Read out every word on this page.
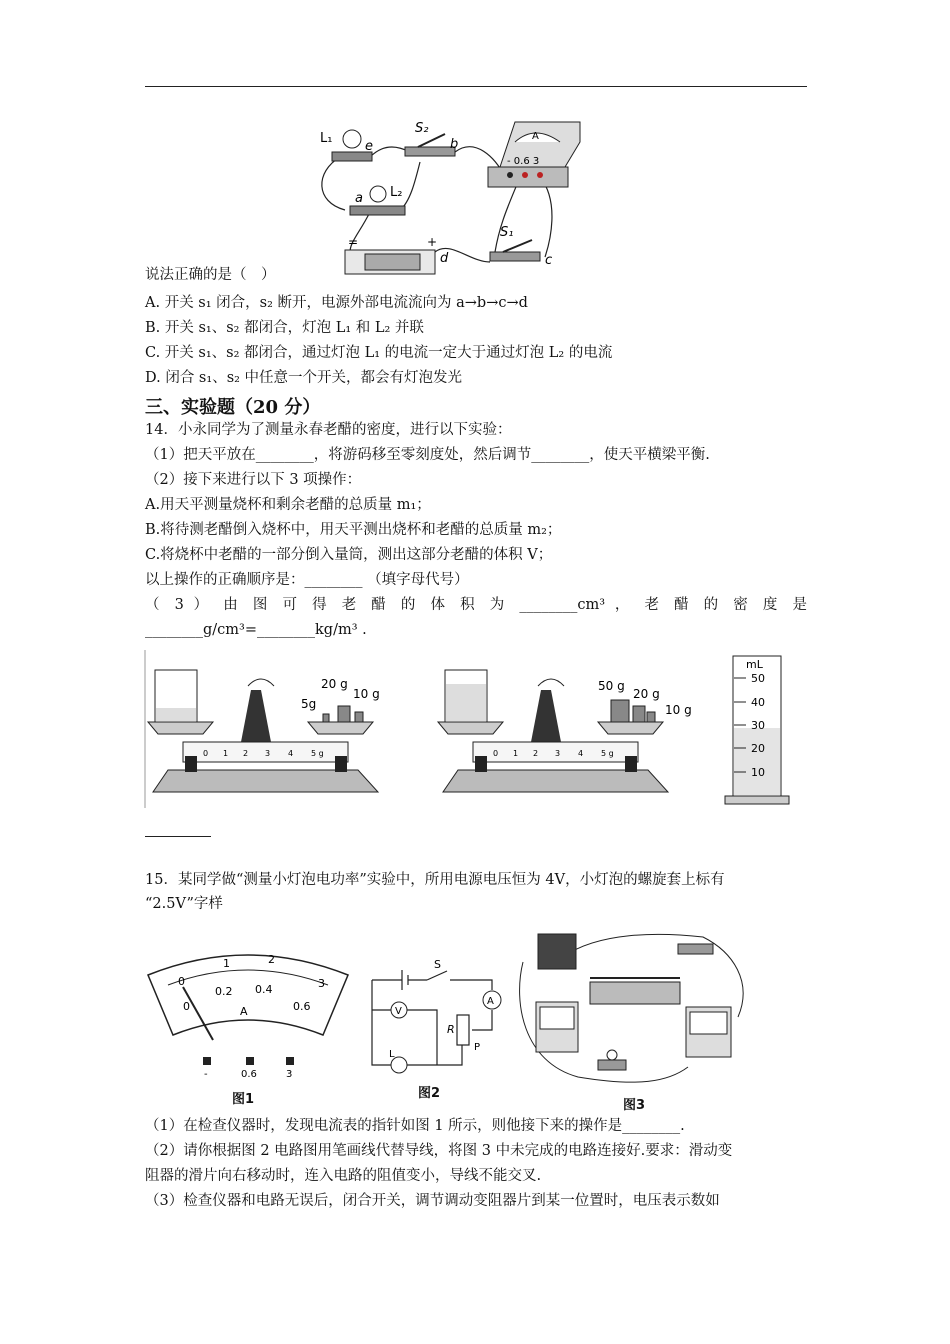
L₁
e
S₂
b
A
- 0.6 3
a L₂
=	+
d
S₁
c
说法正确的是（　）
A. 开关 s₁ 闭合，s₂ 断开，电源外部电流流向为 a→b→c→d
B. 开关 s₁、s₂ 都闭合，灯泡 L₁ 和 L₂ 并联
C. 开关 s₁、s₂ 都闭合，通过灯泡 L₁ 的电流一定大于通过灯泡 L₂ 的电流
D. 闭合 s₁、s₂ 中任意一个开关，都会有灯泡发光
三、实验题（20 分）
14．小永同学为了测量永春老醋的密度，进行以下实验：
（1）把天平放在________，将游码移至零刻度处，然后调节________，使天平横梁平衡.
（2）接下来进行以下 3 项操作：
A.用天平测量烧杯和剩余老醋的总质量 m₁；
B.将待测老醋倒入烧杯中，用天平测出烧杯和老醋的总质量 m₂；
C.将烧杯中老醋的一部分倒入量筒，测出这部分老醋的体积 V；
以上操作的正确顺序是：________ （填字母代号）
（ 3 ） 由 图 可 得 老 醋 的 体 积 为 ________cm³ ， 老 醋 的 密 度 是
________g/cm³=________kg/m³ .
20 g
10 g
5g
0 1 2 3 4 5 g
50 g
20 g
10 g
0 1 2 3 4 5 g
mL
50
40
30
20
10
15．某同学做“测量小灯泡电功率”实验中，所用电源电压恒为 4V，小灯泡的螺旋套上标有
“2.5V”字样
0
1	2
3
0
0.2 0.4
0.6
A
-	0.6	3
图1
A
V
L
S
R
P
图2
图3
（1）在检查仪器时，发现电流表的指针如图 1 所示，则他接下来的操作是________.
（2）请你根据图 2 电路图用笔画线代替导线，将图 3 中未完成的电路连接好.要求：滑动变
阻器的滑片向右移动时，连入电路的阻值变小，导线不能交叉.
（3）检查仪器和电路无误后，闭合开关，调节调动变阻器片到某一位置时，电压表示数如
